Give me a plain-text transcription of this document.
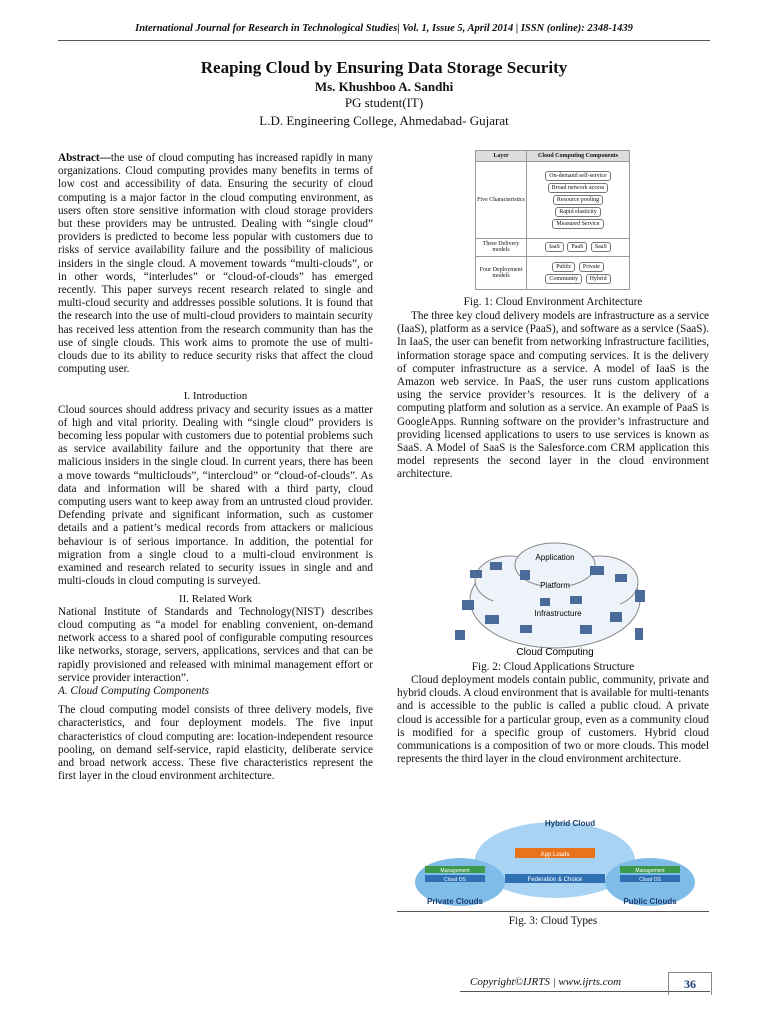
International Journal for Research in Technological Studies| Vol. 1, Issue 5, April 2014 | ISSN (online): 2348-1439
Reaping Cloud by Ensuring Data Storage Security
Ms. Khushboo A. Sandhi
PG student(IT)
L.D. Engineering College, Ahmedabad- Gujarat

Abstract—the use of cloud computing has increased rapidly in many organizations. Cloud computing provides many benefits in terms of low cost and accessibility of data. Ensuring the security of cloud computing is a major factor in the cloud computing environment, as users often store sensitive information with cloud storage providers but these providers may be untrusted. Dealing with “single cloud” providers is predicted to become less popular with customers due to risks of service availability failure and the possibility of malicious insiders in the single cloud. A movement towards “multi-clouds”, or in other words, “interludes” or “cloud-of-clouds” has emerged recently. This paper surveys recent research related to single and multi-cloud security and addresses possible solutions. It is found that the research into the use of multi-cloud providers to maintain security has received less attention from the research community than has the use of single clouds. This work aims to promote the use of multi-clouds due to its ability to reduce security risks that affect the cloud computing user.

I. Introduction

Cloud sources should address privacy and security issues as a matter of high and vital priority. Dealing with “single cloud” providers is becoming less popular with customers due to potential problems such as service availability failure and the opportunity that there are malicious insiders in the single cloud. In current years, there has been a move towards “multiclouds”, “intercloud” or “cloud-of-clouds”. As data and information will be shared with a third party, cloud computing users want to keep away from an untrusted cloud provider. Defending private and significant information, such as customer details and a patient’s medical records from attackers or malicious behaviour is of serious importance. In addition, the potential for migration from a single cloud to a multi-cloud environment is examined and research related to security issues in single and and multi-clouds in cloud computing is surveyed.

II. Related Work

National Institute of Standards and Technology(NIST) describes cloud computing as “a model for enabling convenient, on-demand network access to a shared pool of configurable computing resources like networks, storage, servers, applications, services and that can be rapidly provisioned and released with minimal management effort or service provider interaction”.

A. Cloud Computing Components

The cloud computing model consists of three delivery models, five characteristics, and four deployment models. The five input characteristics of cloud computing are: location-independent resource pooling, on demand self-service, rapid elasticity, deliberate service and broad network access. These five characteristics represent the first layer in the cloud environment architecture.

Layer	Cloud Computing Components
Five Characteristics	On-demand self-service
Broad network access
Resource pooling Rapid elasticity
Measured Service
Three Delivery models	IaaS PaaS SaaS
Four Deployment models	Public Private
Community Hybrid
Fig. 1: Cloud Environment Architecture

The three key cloud delivery models are infrastructure as a service (IaaS), platform as a service (PaaS), and software as a service (SaaS). In IaaS, the user can benefit from networking infrastructure facilities, information storage space and computing services. It is the delivery of computer infrastructure as a service. A model of IaaS is the Amazon web service. In PaaS, the user runs custom applications using the service provider’s resources. It is the delivery of a computing platform and solution as a service. An example of PaaS is GoogleApps. Running software on the provider’s infrastructure and providing licensed applications to users to use services is known as SaaS. A Model of SaaS is the Salesforce.com CRM application this model represents the second layer in the cloud environment architecture.

Application
Platform
Infrastructure
Cloud Computing
Fig. 2: Cloud Applications Structure

Cloud deployment models contain public, community, private and hybrid clouds. A cloud environment that is available for multi-tenants and is accessible to the public is called a public cloud. A private cloud is accessible for a particular group, even as a community cloud is modified for a specific group of customers. Hybrid cloud communications is a composition of two or more clouds. This model represents the third layer in the cloud environment architecture.

Hybrid Cloud
App Loads
Federation & Choice
Management
Cloud OS
Management
Cloud OS
Private Clouds	Public Clouds
Fig. 3: Cloud Types
Copyright©IJRTS | www.ijrts.com	36
